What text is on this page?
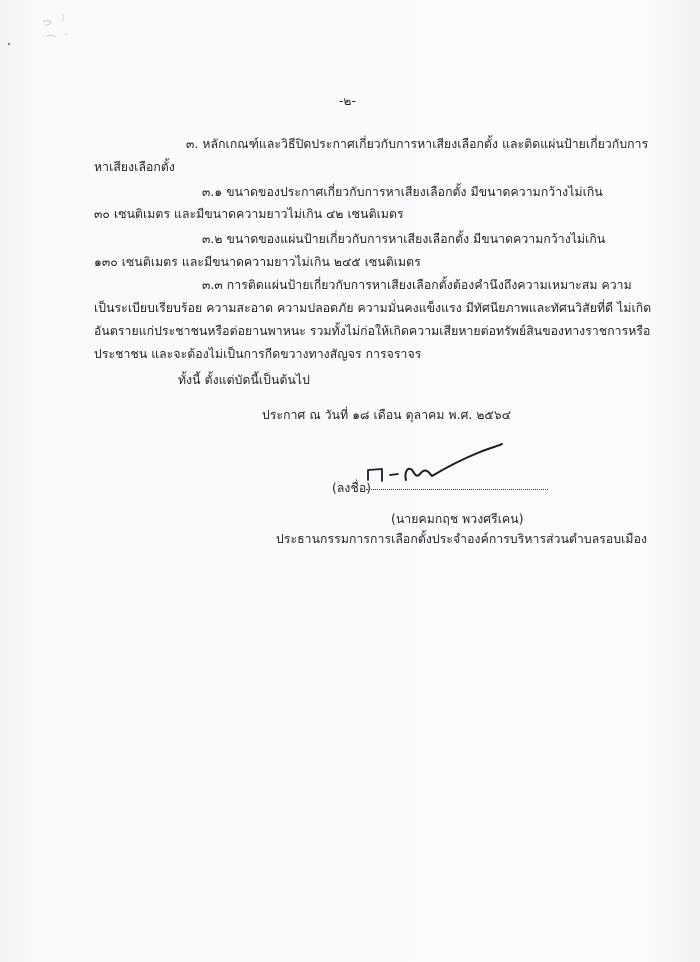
-๒-
๓. หลักเกณฑ์และวิธีปิดประกาศเกี่ยวกับการหาเสียงเลือกตั้ง และติดแผ่นป้ายเกี่ยวกับการ
หาเสียงเลือกตั้ง
๓.๑ ขนาดของประกาศเกี่ยวกับการหาเสียงเลือกตั้ง มีขนาดความกว้างไม่เกิน
๓๐ เซนติเมตร และมีขนาดความยาวไม่เกิน ๔๒ เซนติเมตร
๓.๒ ขนาดของแผ่นป้ายเกี่ยวกับการหาเสียงเลือกตั้ง มีขนาดความกว้างไม่เกิน
๑๓๐ เซนติเมตร และมีขนาดความยาวไม่เกิน ๒๔๕ เซนติเมตร
๓.๓ การติดแผ่นป้ายเกี่ยวกับการหาเสียงเลือกตั้งต้องคำนึงถึงความเหมาะสม ความ
เป็นระเบียบเรียบร้อย ความสะอาด ความปลอดภัย ความมั่นคงแข็งแรง มีทัศนียภาพและทัศนวิสัยที่ดี ไม่เกิด
อันตรายแก่ประชาชนหรือต่อยานพาหนะ รวมทั้งไม่ก่อให้เกิดความเสียหายต่อทรัพย์สินของทางราชการหรือ
ประชาชน และจะต้องไม่เป็นการกีดขวางทางสัญจร การจราจร
ทั้งนี้ ตั้งแต่บัดนี้เป็นต้นไป
ประกาศ ณ วันที่ ๑๘ เดือน ตุลาคม พ.ศ. ๒๕๖๔
(ลงชื่อ)
(นายคมกฤช พวงศรีเคน)
ประธานกรรมการการเลือกตั้งประจำองค์การบริหารส่วนตำบลรอบเมือง
